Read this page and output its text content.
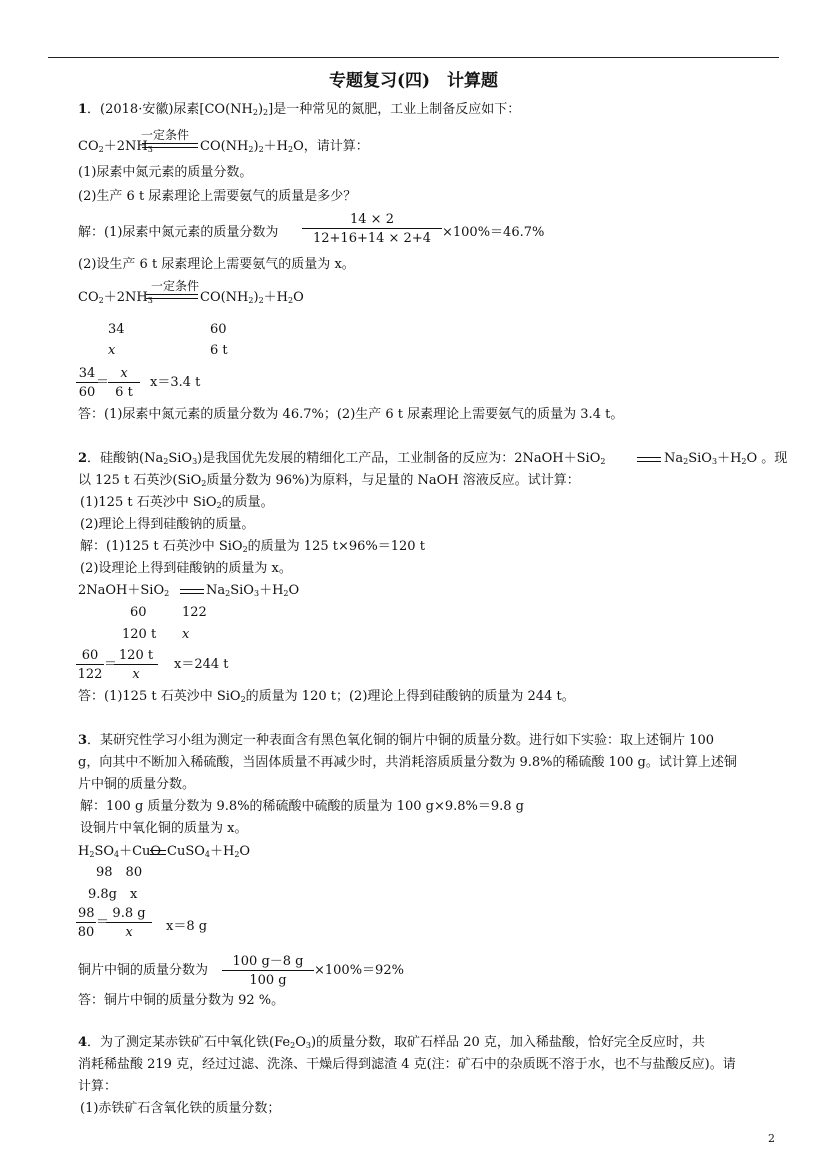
专题复习(四)　计算题
1．(2018·安徽)尿素$[CO(NH_2)_2]$是一种常见的氮肥，工业上制备反应如下：
一定条件
$CO_2+2NH_3$	$CO(NH_2)_2+H_2O$，请计算：
(1)尿素中氮元素的质量分数。
(2)生产 6 t 尿素理论上需要氨气的质量是多少？
解：(1)尿素中氮元素的质量分数为 $\frac{14 \times 2}{12+16+14 \times 2+4} \times 100\%=46.7\%$
(2)设生产 6 t 尿素理论上需要氨气的质量为 x。
一定条件
$CO_2+2NH_3$	$CO(NH_2)_2+H_2O$
34	60
x	6 t
$\frac{34}{60}$
＝
$\frac{x}{6 t} x=3.4$ t
答：(1)尿素中氮元素的质量分数为 46.7%；(2)生产 6 t 尿素理论上需要氨气的质量为 3.4 t。
2．硅酸钠$(Na_2SiO_3)$是我国优先发展的精细化工产品，工业制备的反应为：2NaOH＋SiO$_2$	$Na_2SiO_3+H_2O$ 。现
以 125 t 石英沙(SiO$_2$质量分数为 96%)为原料，与足量的 NaOH 溶液反应。试计算：
(1)125 t 石英沙中 SiO$_2$的质量。
(2)理论上得到硅酸钠的质量。
解：(1)125 t 石英沙中 SiO$_2$的质量为 125 t×96%＝120 t
(2)设理论上得到硅酸钠的质量为 x。
2NaOH＋SiO$_2$	$Na_2SiO_3+H_2O$
60	122
120 t x
$\frac{60}{122}$ ＝
$\frac{120 t}{x} x=244$ t
答：(1)125 t 石英沙中 SiO$_2$的质量为 120 t；(2)理论上得到硅酸钠的质量为 244 t。
3．某研究性学习小组为测定一种表面含有黑色氧化铜的铜片中铜的质量分数。进行如下实验：取上述铜片 100
g，向其中不断加入稀硫酸，当固体质量不再减少时，共消耗溶质质量分数为 9.8%的稀硫酸 100 g。试计算上述铜
片中铜的质量分数。
解：100 g 质量分数为 9.8%的稀硫酸中硫酸的质量为 100 g×9.8%＝9.8 g
设铜片中氧化铜的质量为 x。
$H_2SO_4+CuO$ $CuSO_4+H_2O$
98　80
9.8g　x
$\frac{98}{80}$ ＝
$\frac{9.8 g}{x} x=8$ g
铜片中铜的质量分数为 $\frac{100 g-8 g}{100 g} \times 100\%=92\%$
答：铜片中铜的质量分数为 92 %。
4．为了测定某赤铁矿石中氧化铁$(Fe_2O_3)$的质量分数，取矿石样品 20 克，加入稀盐酸，恰好完全反应时，共
消耗稀盐酸 219 克，经过过滤、洗涤、干燥后得到滤渣 4 克(注：矿石中的杂质既不溶于水，也不与盐酸反应)。请
计算：
(1)赤铁矿石含氧化铁的质量分数；
2
